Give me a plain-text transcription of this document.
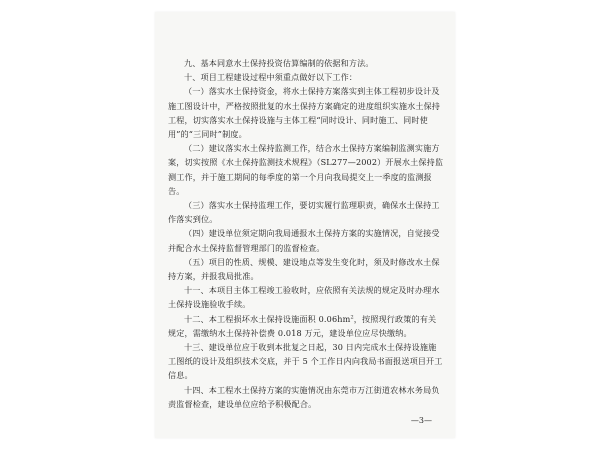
九、基本同意水土保持投资估算编制的依据和方法。

十、项目工程建设过程中须重点做好以下工作：

（一）落实水土保持资金，将水土保持方案落实到主体工程初步设计及施工图设计中，严格按照批复的水土保持方案确定的进度组织实施水土保持工程，切实落实水土保持设施与主体工程“同时设计、同时施工、同时使用”的“三同时”制度。

（二）建议落实水土保持监测工作，结合水土保持方案编制监测实施方案，切实按照《水土保持监测技术规程》（SL277—2002）开展水土保持监测工作，并于施工期间的每季度的第一个月向我局提交上一季度的监测报告。

（三）落实水土保持监理工作，要切实履行监理职责，确保水土保持工作落实到位。

（四）建设单位须定期向我局通报水土保持方案的实施情况，自觉接受并配合水土保持监督管理部门的监督检查。

（五）项目的性质、规模、建设地点等发生变化时，须及时修改水土保持方案，并报我局批准。

十一、本项目主体工程竣工验收时，应依照有关法规的规定及时办理水土保持设施验收手续。

十二、本工程损坏水土保持设施面积 $0.06hm^2$，按照现行政策的有关规定，需缴纳水土保持补偿费 0.018 万元，建设单位应尽快缴纳。

十三、建设单位应于收到本批复之日起，30 日内完成水土保持设施施工图纸的设计及组织技术交底，并于 5 个工作日内向我局书面报送项目开工信息。

十四、本工程水土保持方案的实施情况由东莞市万江街道农林水务局负责监督检查，建设单位应给予积极配合。

—3—
